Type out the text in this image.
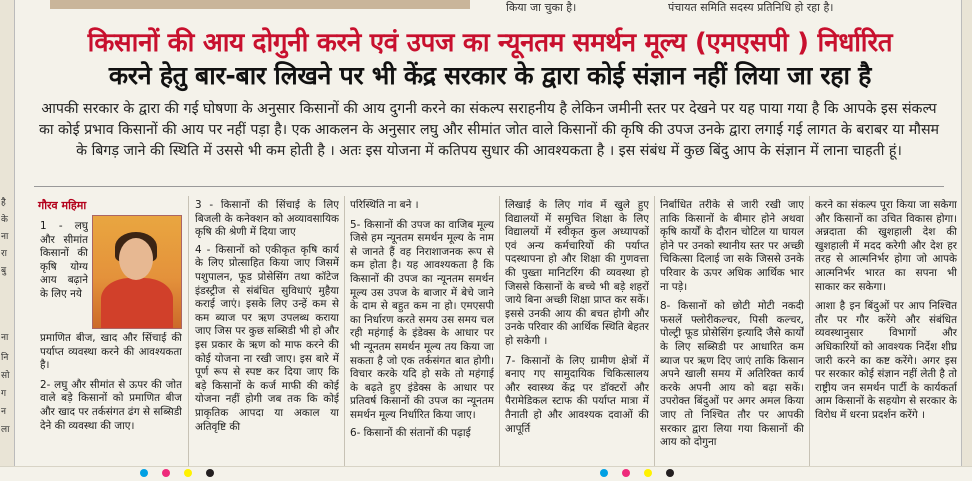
किया जा चुका है।	पंचायत समिति सदस्य प्रतिनिधि हो रहा है।
है
के
ना
रा
बु
ना
नि
सो
ग
न
ला
किसानों की आय दोगुनी करने एवं उपज का न्यूनतम समर्थन मूल्य (एमएसपी ) निर्धारित
करने हेतु बार-बार लिखने पर भी केंद्र सरकार के द्वारा कोई संज्ञान नहीं लिया जा रहा है
आपकी सरकार के द्वारा की गई घोषणा के अनुसार किसानों की आय दुगनी करने का संकल्प सराहनीय है लेकिन जमीनी स्तर पर देखने पर यह पाया गया है कि आपके इस संकल्प का कोई प्रभाव किसानों की आय पर नहीं पड़ा है। एक आकलन के अनुसार लघु और सीमांत जोत वाले किसानों की कृषि की उपज उनके द्वारा लगाई गई लागत के बराबर या मौसम के बिगड़ जाने की स्थिति में उससे भी कम होती है । अतः इस योजना में कतिपय सुधार की आवश्यकता है । इस संबंध में कुछ बिंदु आप के संज्ञान में लाना चाहती हूं।
गौरव महिमा

1 - लघु और सीमांत किसानों की कृषि योग्य आय बढ़ाने के लिए नये

प्रमाणित बीज, खाद और सिंचाई की पर्याप्त व्यवस्था करने की आवश्यकता है।

2- लघु और सीमांत से ऊपर की जोत वाले बड़े किसानों को प्रमाणित बीज और खाद पर तर्कसंगत ढंग से सब्सिडी देने की व्यवस्था की जाए।

3 - किसानों की सिंचाई के लिए बिजली के कनेक्शन को अव्यावसायिक कृषि की श्रेणी में दिया जाए

4 - किसानों को एकीकृत कृषि कार्य के लिए प्रोत्साहित किया जाए जिसमें पशुपालन, फूड प्रोसेसिंग तथा कॉटेज इंडस्ट्रीज से संबंधित सुविधाएं मुहैया कराई जाएं। इसके लिए उन्हें कम से कम ब्याज पर ऋण उपलब्ध कराया जाए जिस पर कुछ सब्सिडी भी हो और इस प्रकार के ऋण को माफ करने की कोई योजना ना रखी जाए। इस बारे में पूर्ण रूप से स्पष्ट कर दिया जाए कि बड़े किसानों के कर्ज माफी की कोई योजना नहीं होगी जब तक कि कोई प्राकृतिक आपदा या अकाल या अतिवृष्टि की

परिस्थिति ना बने ।

5- किसानों की उपज का वाजिब मूल्य जिसे हम न्यूनतम समर्थन मूल्य के नाम से जानते हैं वह निराशाजनक रूप से कम होता है। यह आवश्यकता है कि किसानों की उपज का न्यूनतम समर्थन मूल्य उस उपज के बाजार में बेचे जाने के दाम से बहुत कम ना हो। एमएसपी का निर्धारण करते समय उस समय चल रही महंगाई के इंडेक्स के आधार पर भी न्यूनतम समर्थन मूल्य तय किया जा सकता है जो एक तर्कसंगत बात होगी। विचार करके यदि हो सके तो महंगाई के बढ़ते हुए इंडेक्स के आधार पर प्रतिवर्ष किसानों की उपज का न्यूनतम समर्थन मूल्य निर्धारित किया जाए।

6- किसानों की संतानों की पढ़ाई

लिखाई के लिए गांव में खुले हुए विद्यालयों में समुचित शिक्षा के लिए विद्यालयों में स्वीकृत कुल अध्यापकों एवं अन्य कर्मचारियों की पर्याप्त पदस्थापना हो और शिक्षा की गुणवत्ता की पुख्ता मानिटरिंग की व्यवस्था हो जिससे किसानों के बच्चे भी बड़े शहरों जाये बिना अच्छी शिक्षा प्राप्त कर सकें। इससे उनकी आय की बचत होगी और उनके परिवार की आर्थिक स्थिति बेहतर हो सकेगी ।

7- किसानों के लिए ग्रामीण क्षेत्रों में बनाए गए सामुदायिक चिकित्सालय और स्वास्थ्य केंद्र पर डॉक्टरों और पैरामेडिकल स्टाफ की पर्याप्त मात्रा में तैनाती हो और आवश्यक दवाओं की आपूर्ति

निर्बाधित तरीके से जारी रखी जाए ताकि किसानों के बीमार होने अथवा कृषि कार्यों के दौरान चोटिल या घायल होने पर उनको स्थानीय स्तर पर अच्छी चिकित्सा दिलाई जा सके जिससे उनके परिवार के ऊपर अधिक आर्थिक भार ना पड़े।

8- किसानों को छोटी मोटी नकदी फसलें फ्लोरीकल्चर, पिसी कल्चर, पोल्ट्री फूड प्रोसेसिंग इत्यादि जैसे कार्यों के लिए सब्सिडी पर आधारित कम ब्याज पर ऋण दिए जाएं ताकि किसान अपने खाली समय में अतिरिक्त कार्य करके अपनी आय को बढ़ा सकें। उपरोक्त बिंदुओं पर अगर अमल किया जाए तो निश्चित तौर पर आपकी सरकार द्वारा लिया गया किसानों की आय को दोगुना

करने का संकल्प पूरा किया जा सकेगा और किसानों का उचित विकास होगा।अन्नदाता की खुशहाली देश की खुशहाली में मदद करेगी और देश हर तरह से आत्मनिर्भर होगा जो आपके आत्मनिर्भर भारत का सपना भी साकार कर सकेगा।

आशा है इन बिंदुओं पर आप निश्चित तौर पर गौर करेंगे और संबंधित व्यवस्थानुसार विभागों और अधिकारियों को आवश्यक निर्देश शीघ्र जारी करने का कष्ट करेंगे। अगर इस पर सरकार कोई संज्ञान नहीं लेती है तो राष्ट्रीय जन समर्थन पार्टी के कार्यकर्ता आम किसानों के सहयोग से सरकार के विरोध में धरना प्रदर्शन करेंगे ।
